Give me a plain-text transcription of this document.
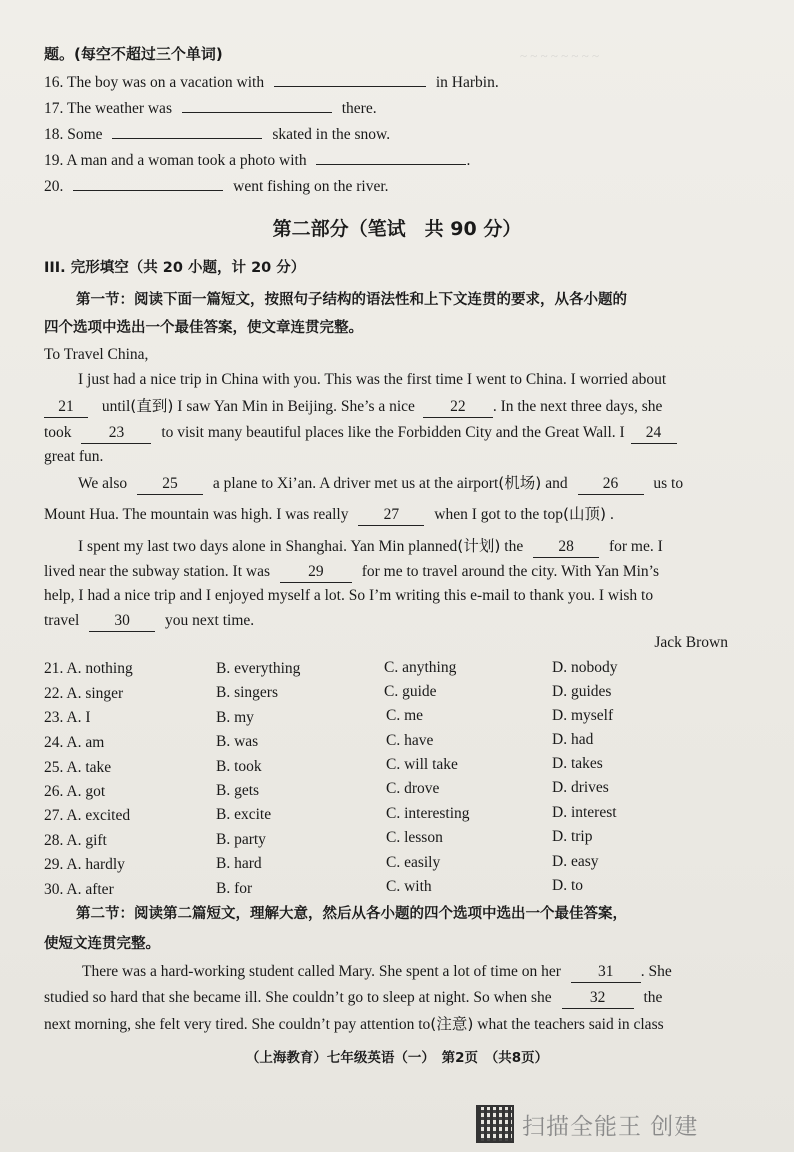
~ ~ ~ ~ ~ ~ ~ ~
题。(每空不超过三个单词)
16. The boy was on a vacation with	in Harbin.
17. The weather was	there.
18. Some	skated in the snow.
19. A man and a woman took a photo with	.
20.	went fishing on the river.
第二部分（笔试　共 90 分）
III. 完形填空（共 20 小题，计 20 分）
第一节：阅读下面一篇短文，按照句子结构的语法性和上下文连贯的要求，从各小题的
四个选项中选出一个最佳答案，使文章连贯完整。
To Travel China,
I just had a nice trip in China with you. This was the first time I went to China. I worried about
21 until(直到) I saw Yan Min in Beijing. She’s a nice 22 . In the next three days, she
took 23 to visit many beautiful places like the Forbidden City and the Great Wall. I 24
great fun.
We also 25 a plane to Xi’an. A driver met us at the airport(机场) and 26 us to
Mount Hua. The mountain was high. I was really 27 when I got to the top(山顶) .
I spent my last two days alone in Shanghai. Yan Min planned(计划) the 28 for me. I
lived near the subway station. It was 29 for me to travel around the city. With Yan Min’s
help, I had a nice trip and I enjoyed myself a lot. So I’m writing this e-mail to thank you. I wish to
travel 30 you next time.
Jack Brown
21. A. nothing	B. everything	C. anything	D. nobody
22. A. singer	B. singers	C. guide	D. guides
23. A. I	B. my	C. me	D. myself
24. A. am	B. was	C. have	D. had
25. A. take	B. took	C. will take	D. takes
26. A. got	B. gets	C. drove	D. drives
27. A. excited	B. excite	C. interesting	D. interest
28. A. gift	B. party	C. lesson	D. trip
29. A. hardly	B. hard	C. easily	D. easy
30. A. after	B. for	C. with	D. to
第二节：阅读第二篇短文，理解大意，然后从各小题的四个选项中选出一个最佳答案，
使短文连贯完整。
There was a hard-working student called Mary. She spent a lot of time on her 31 . She
studied so hard that she became ill. She couldn’t go to sleep at night. So when she 32 the
next morning, she felt very tired. She couldn’t pay attention to(注意) what the teachers said in class
（上海教育）七年级英语（一）　第2页　（共8页）
扫描全能王 创建
